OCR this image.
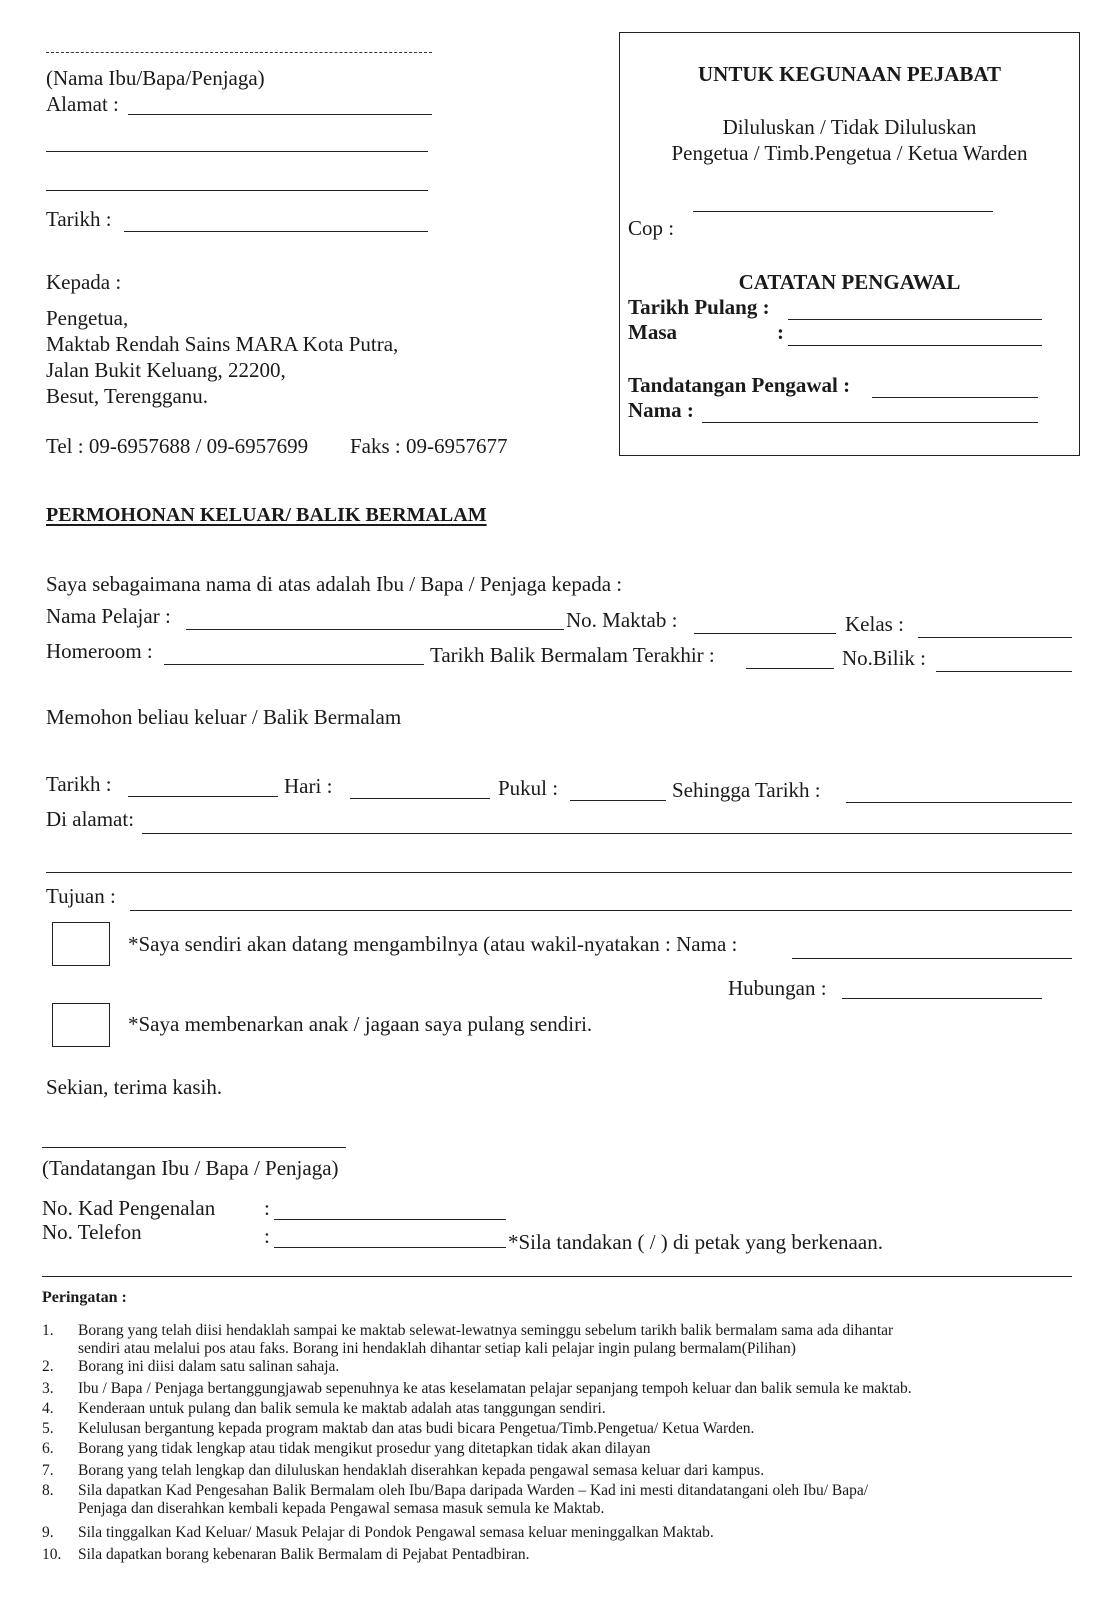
(Nama Ibu/Bapa/Penjaga)
Alamat :
Tarikh :
Kepada :
Pengetua,
Maktab Rendah Sains MARA Kota Putra,
Jalan Bukit Keluang, 22200,
Besut, Terengganu.
Tel : 09-6957688 / 09-6957699 Faks : 09-6957677
UNTUK KEGUNAAN PEJABAT
Diluluskan / Tidak Diluluskan
Pengetua / Timb.Pengetua / Ketua Warden
Cop :
CATATAN PENGAWAL
Tarikh Pulang :
Masa	:
Tandatangan Pengawal :
Nama :
PERMOHONAN KELUAR/ BALIK BERMALAM
Saya sebagaimana nama di atas adalah Ibu / Bapa / Penjaga kepada :
Nama Pelajar :	No. Maktab :	Kelas :
Homeroom :	Tarikh Balik Bermalam Terakhir :	No.Bilik :
Memohon beliau keluar / Balik Bermalam
Tarikh :	Hari :	Pukul :	Sehingga Tarikh :
Di alamat:
Tujuan :
*Saya sendiri akan datang mengambilnya (atau wakil-nyatakan : Nama :
Hubungan :
*Saya membenarkan anak / jagaan saya pulang sendiri.
Sekian, terima kasih.
(Tandatangan Ibu / Bapa / Penjaga)
No. Kad Pengenalan :
No. Telefon	:	*Sila tandakan ( / ) di petak yang berkenaan.
Peringatan :
1. Borang yang telah diisi hendaklah sampai ke maktab selewat-lewatnya seminggu sebelum tarikh balik bermalam sama ada dihantar
sendiri atau melalui pos atau faks. Borang ini hendaklah dihantar setiap kali pelajar ingin pulang bermalam(Pilihan)
2. Borang ini diisi dalam satu salinan sahaja.
3. Ibu / Bapa / Penjaga bertanggungjawab sepenuhnya ke atas keselamatan pelajar sepanjang tempoh keluar dan balik semula ke maktab.
4. Kenderaan untuk pulang dan balik semula ke maktab adalah atas tanggungan sendiri.
5. Kelulusan bergantung kepada program maktab dan atas budi bicara Pengetua/Timb.Pengetua/ Ketua Warden.
6. Borang yang tidak lengkap atau tidak mengikut prosedur yang ditetapkan tidak akan dilayan
7. Borang yang telah lengkap dan diluluskan hendaklah diserahkan kepada pengawal semasa keluar dari kampus.
8. Sila dapatkan Kad Pengesahan Balik Bermalam oleh Ibu/Bapa daripada Warden – Kad ini mesti ditandatangani oleh Ibu/ Bapa/
Penjaga dan diserahkan kembali kepada Pengawal semasa masuk semula ke Maktab.
9. Sila tinggalkan Kad Keluar/ Masuk Pelajar di Pondok Pengawal semasa keluar meninggalkan Maktab.
10. Sila dapatkan borang kebenaran Balik Bermalam di Pejabat Pentadbiran.
